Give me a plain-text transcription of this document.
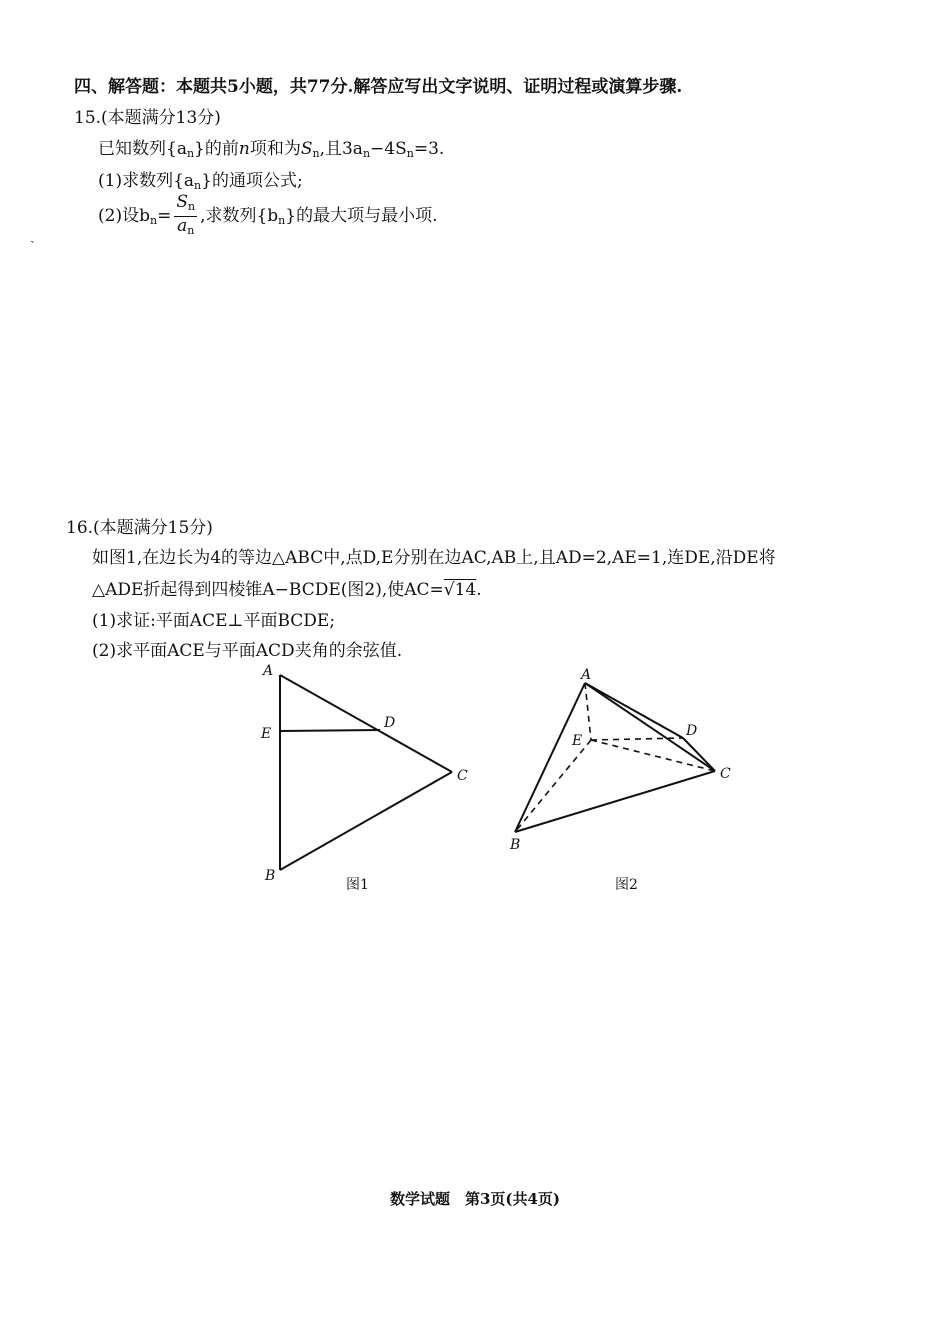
四、解答题：本题共5小题，共77分.解答应写出文字说明、证明过程或演算步骤.
15.(本题满分13分)
已知数列$\{a_n\}$的前n项和为$S_n$,且$3a_n-4S_n=3$.
(1)求数列$\{a_n\}$的通项公式;
(2)设$b_n= \frac{S_n}{a_n}$ ,求数列$\{b_n\}$的最大项与最小项.
ˎ
16.(本题满分15分)
如图1,在边长为4的等边△ABC中,点D,E分别在边AC,AB上,且AD=2,AE=1,连DE,沿DE将
△ADE折起得到四棱锥A−BCDE(图2),使AC=√14.
(1)求证:平面ACE⊥平面BCDE;
(2)求平面ACE与平面ACD夹角的余弦值.
A
E
D
C
B
图1
A
E
D
C
B
图2
数学试题　第3页(共4页)
